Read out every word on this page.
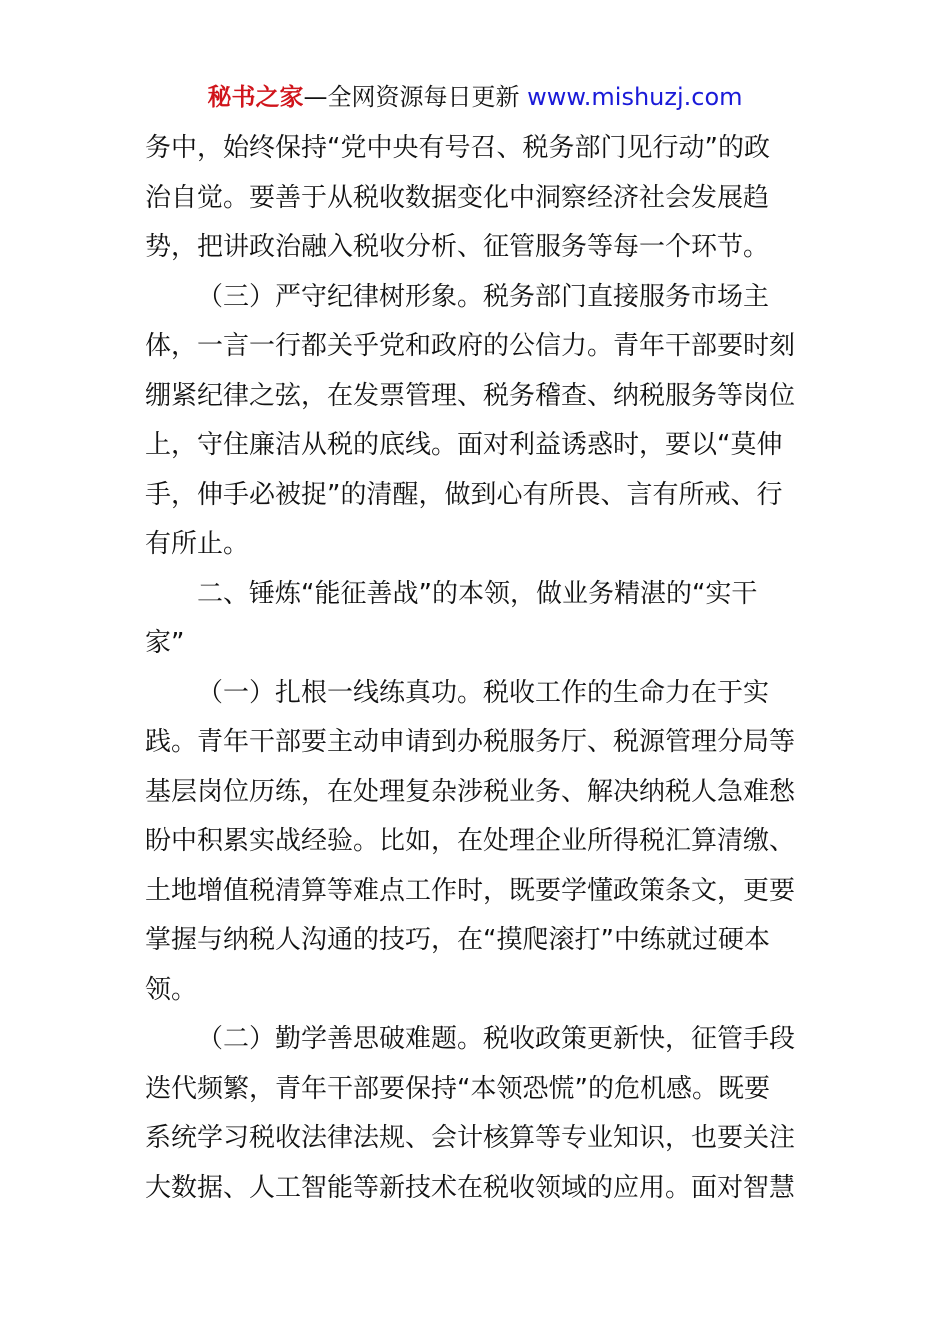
秘书之家—全网资源每日更新 www.mishuzj.com
务中，始终保持“党中央有号召、税务部门见行动”的政
治自觉。要善于从税收数据变化中洞察经济社会发展趋
势，把讲政治融入税收分析、征管服务等每一个环节。
（三）严守纪律树形象。税务部门直接服务市场主
体，一言一行都关乎党和政府的公信力。青年干部要时刻
绷紧纪律之弦，在发票管理、税务稽查、纳税服务等岗位
上，守住廉洁从税的底线。面对利益诱惑时，要以“莫伸
手，伸手必被捉”的清醒，做到心有所畏、言有所戒、行
有所止。
二、锤炼“能征善战”的本领，做业务精湛的“实干
家”
（一）扎根一线练真功。税收工作的生命力在于实
践。青年干部要主动申请到办税服务厅、税源管理分局等
基层岗位历练，在处理复杂涉税业务、解决纳税人急难愁
盼中积累实战经验。比如，在处理企业所得税汇算清缴、
土地增值税清算等难点工作时，既要学懂政策条文，更要
掌握与纳税人沟通的技巧，在“摸爬滚打”中练就过硬本
领。
（二）勤学善思破难题。税收政策更新快，征管手段
迭代频繁，青年干部要保持“本领恐慌”的危机感。既要
系统学习税收法律法规、会计核算等专业知识，也要关注
大数据、人工智能等新技术在税收领域的应用。面对智慧
